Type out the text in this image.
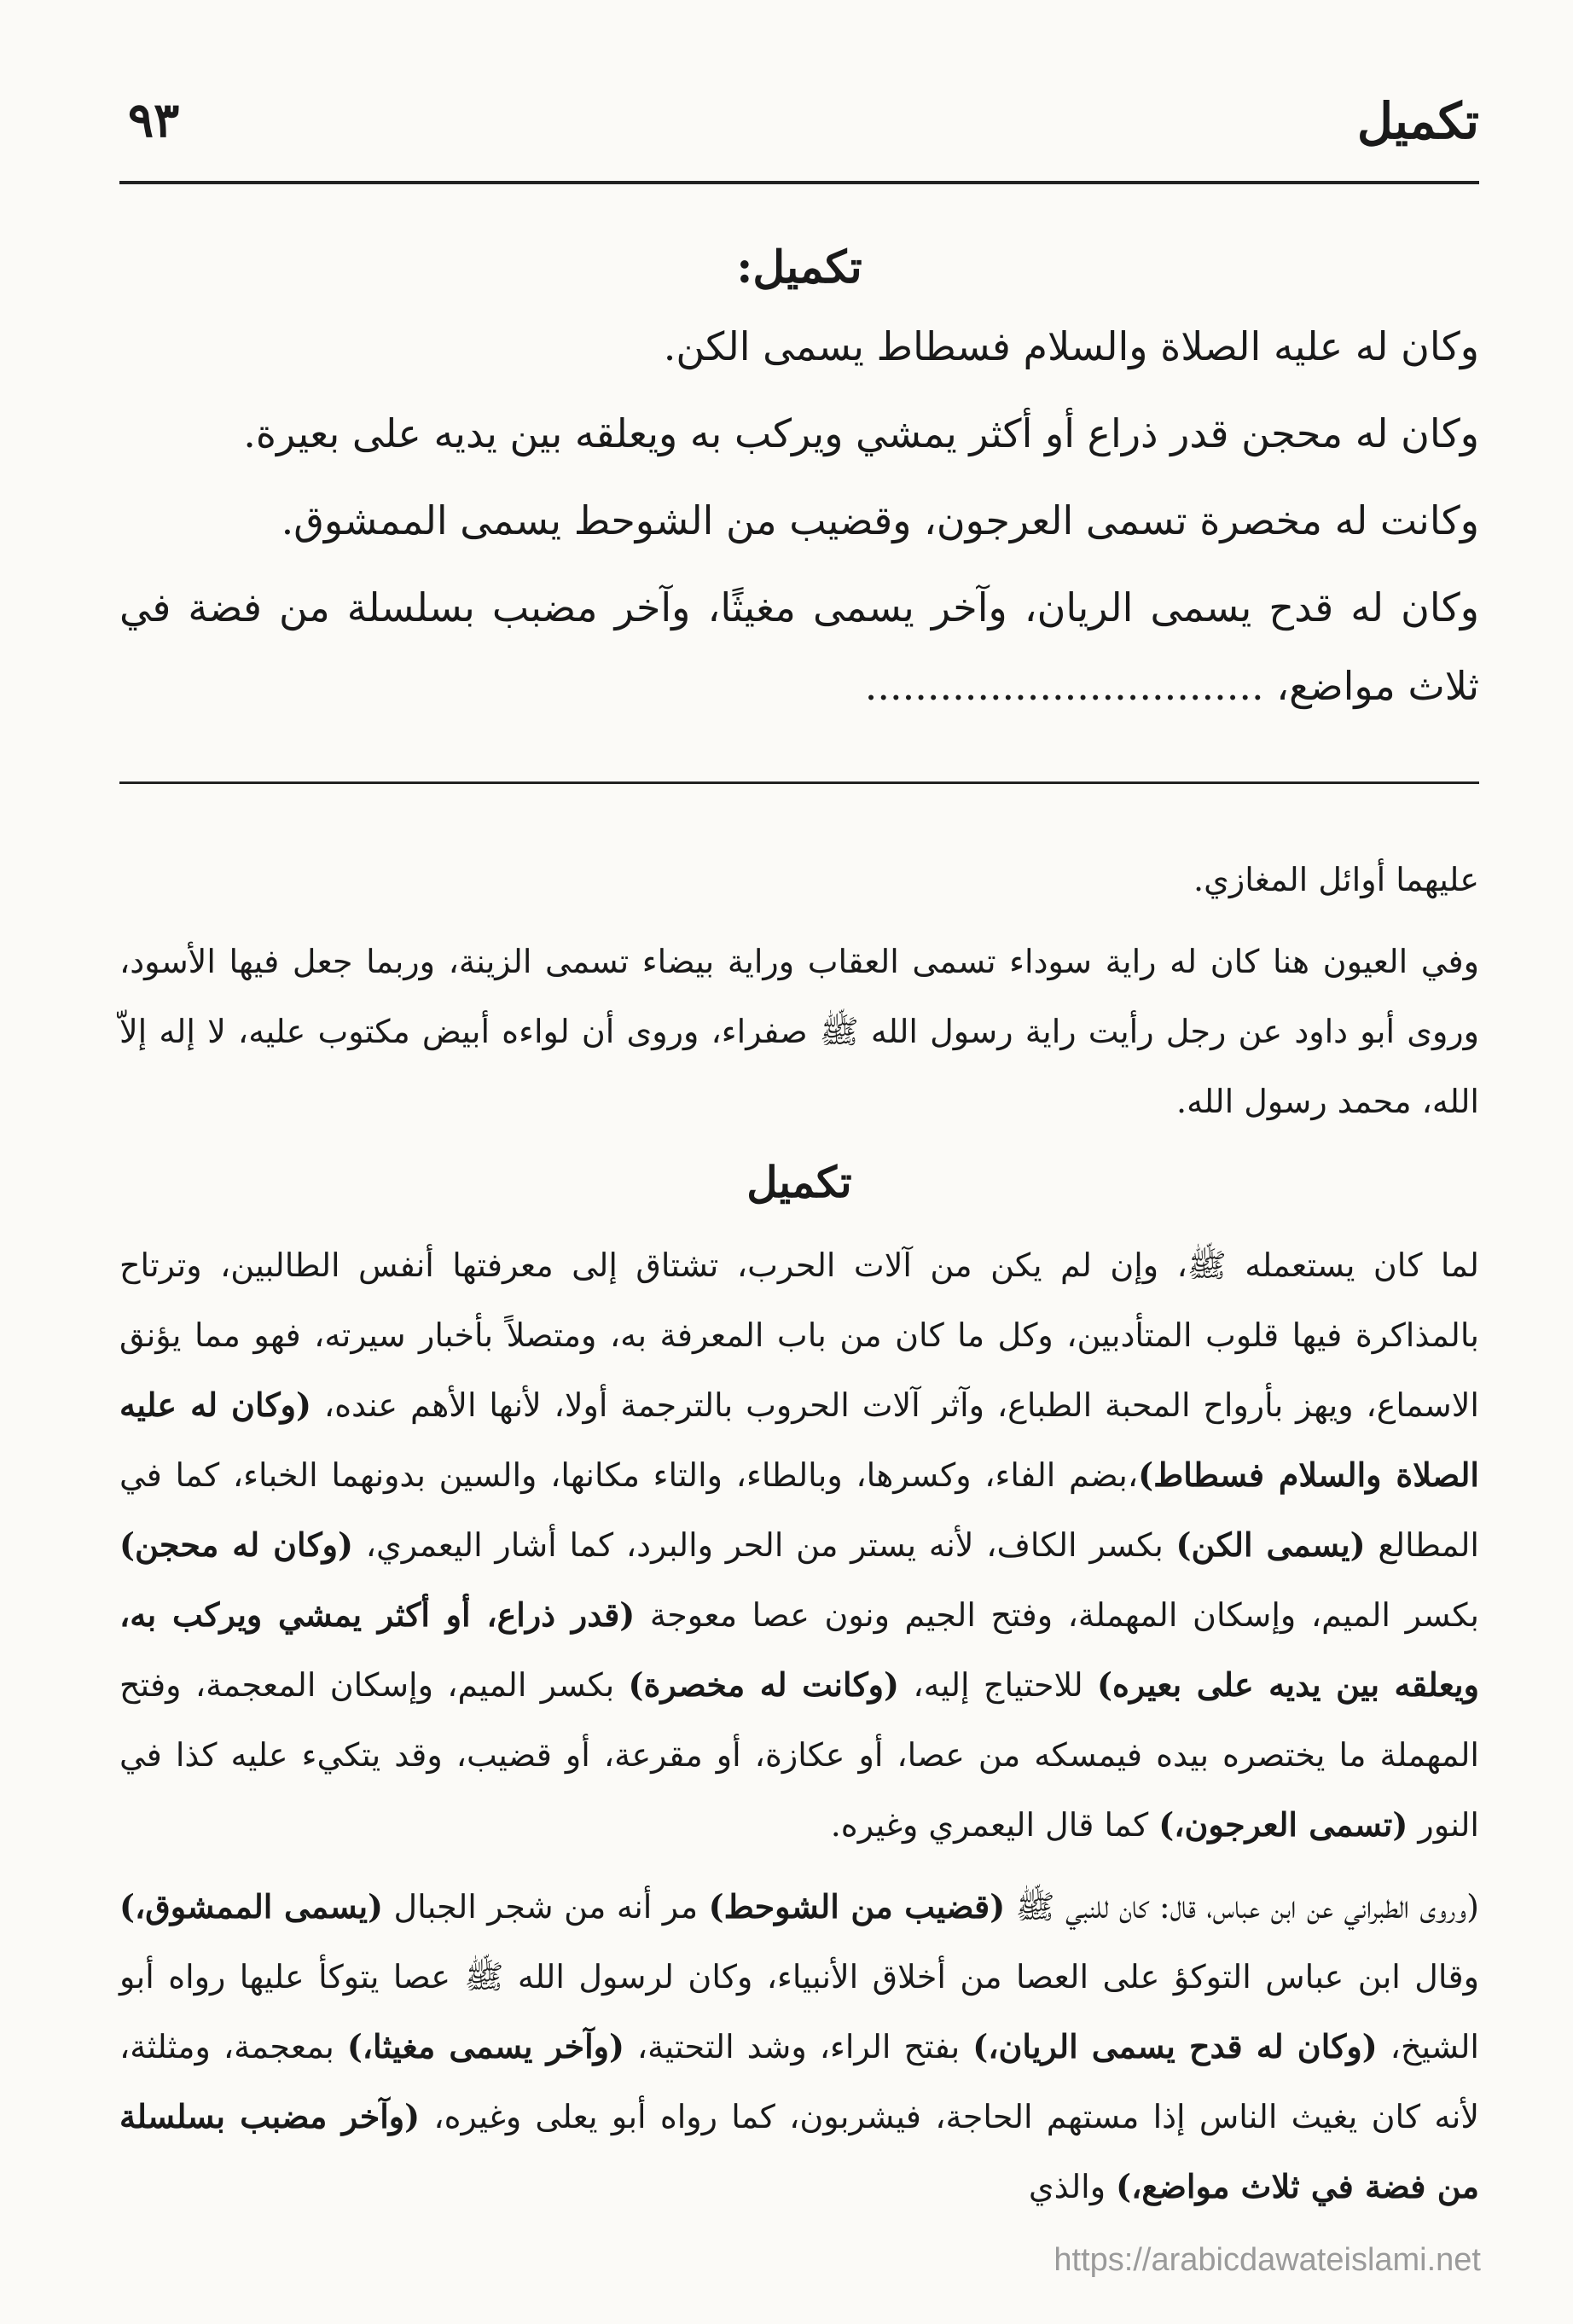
تكميل
٩٣
تكميل:

وكان له عليه الصلاة والسلام فسطاط يسمى الكن.

وكان له محجن قدر ذراع أو أكثر يمشي ويركب به ويعلقه بين يديه على بعيرة.

وكانت له مخصرة تسمى العرجون، وقضيب من الشوحط يسمى الممشوق.

وكان له قدح يسمى الريان، وآخر يسمى مغيثًا، وآخر مضبب بسلسلة من فضة في ثلاث مواضع، ................................

عليهما أوائل المغازي.

وفي العيون هنا كان له راية سوداء تسمى العقاب وراية بيضاء تسمى الزينة، وربما جعل فيها الأسود، وروى أبو داود عن رجل رأيت راية رسول الله ﷺ صفراء، وروى أن لواءه أبيض مكتوب عليه، لا إله إلاّ الله، محمد رسول الله.

تكميل

لما كان يستعمله ﷺ، وإن لم يكن من آلات الحرب، تشتاق إلى معرفتها أنفس الطالبين، وترتاح بالمذاكرة فيها قلوب المتأدبين، وكل ما كان من باب المعرفة به، ومتصلاً بأخبار سيرته، فهو مما يؤنق الاسماع، ويهز بأرواح المحبة الطباع، وآثر آلات الحروب بالترجمة أولا، لأنها الأهم عنده، (وكان له عليه الصلاة والسلام فسطاط)،بضم الفاء، وكسرها، وبالطاء، والتاء مكانها، والسين بدونهما الخباء، كما في المطالع (يسمى الكن) بكسر الكاف، لأنه يستر من الحر والبرد، كما أشار اليعمري، (وكان له محجن) بكسر الميم، وإسكان المهملة، وفتح الجيم ونون عصا معوجة (قدر ذراع، أو أكثر يمشي ويركب به، ويعلقه بين يديه على بعيره) للاحتياج إليه، (وكانت له مخصرة) بكسر الميم، وإسكان المعجمة، وفتح المهملة ما يختصره بيده فيمسكه من عصا، أو عكازة، أو مقرعة، أو قضيب، وقد يتكيء عليه كذا في النور (تسمى العرجون،) كما قال اليعمري وغيره.

(وروى الطبراني عن ابن عباس، قال: كان للنبي ﷺ (قضيب من الشوحط) مر أنه من شجر الجبال (يسمى الممشوق،) وقال ابن عباس التوكؤ على العصا من أخلاق الأنبياء، وكان لرسول الله ﷺ عصا يتوكأ عليها رواه أبو الشيخ، (وكان له قدح يسمى الريان،) بفتح الراء، وشد التحتية، (وآخر يسمى مغيثا،) بمعجمة، ومثلثة، لأنه كان يغيث الناس إذا مستهم الحاجة، فيشربون، كما رواه أبو يعلى وغيره، (وآخر مضبب بسلسلة من فضة في ثلاث مواضع،) والذي

https://arabicdawateislami.net
